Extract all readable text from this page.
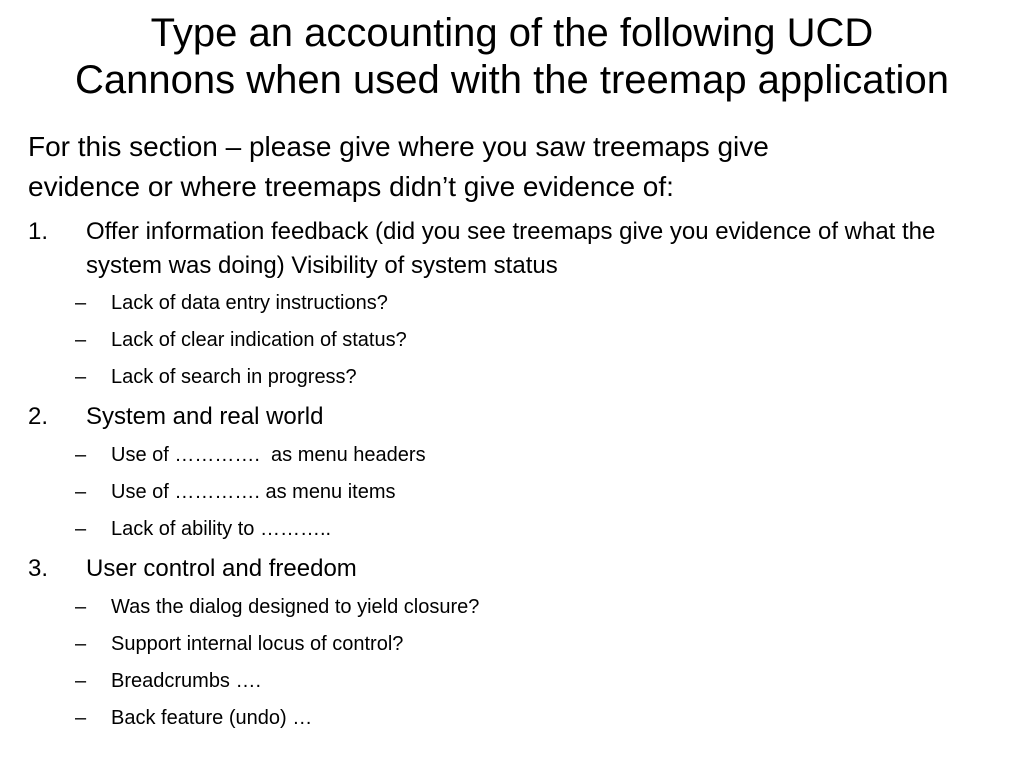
Type an accounting of the following UCD
Cannons when used with the treemap application
For this section – please give where you saw treemaps give
evidence or where treemaps didn’t give evidence of:
1. Offer information feedback (did you see treemaps give you evidence of what the system was doing) Visibility of system status
– Lack of data entry instructions?
– Lack of clear indication of status?
– Lack of search in progress?
2. System and real world
– Use of ………….  as menu headers
– Use of …………. as menu items
– Lack of ability to ………..
3. User control and freedom
– Was the dialog designed to yield closure?
– Support internal locus of control?
– Breadcrumbs ….
– Back feature (undo) …
